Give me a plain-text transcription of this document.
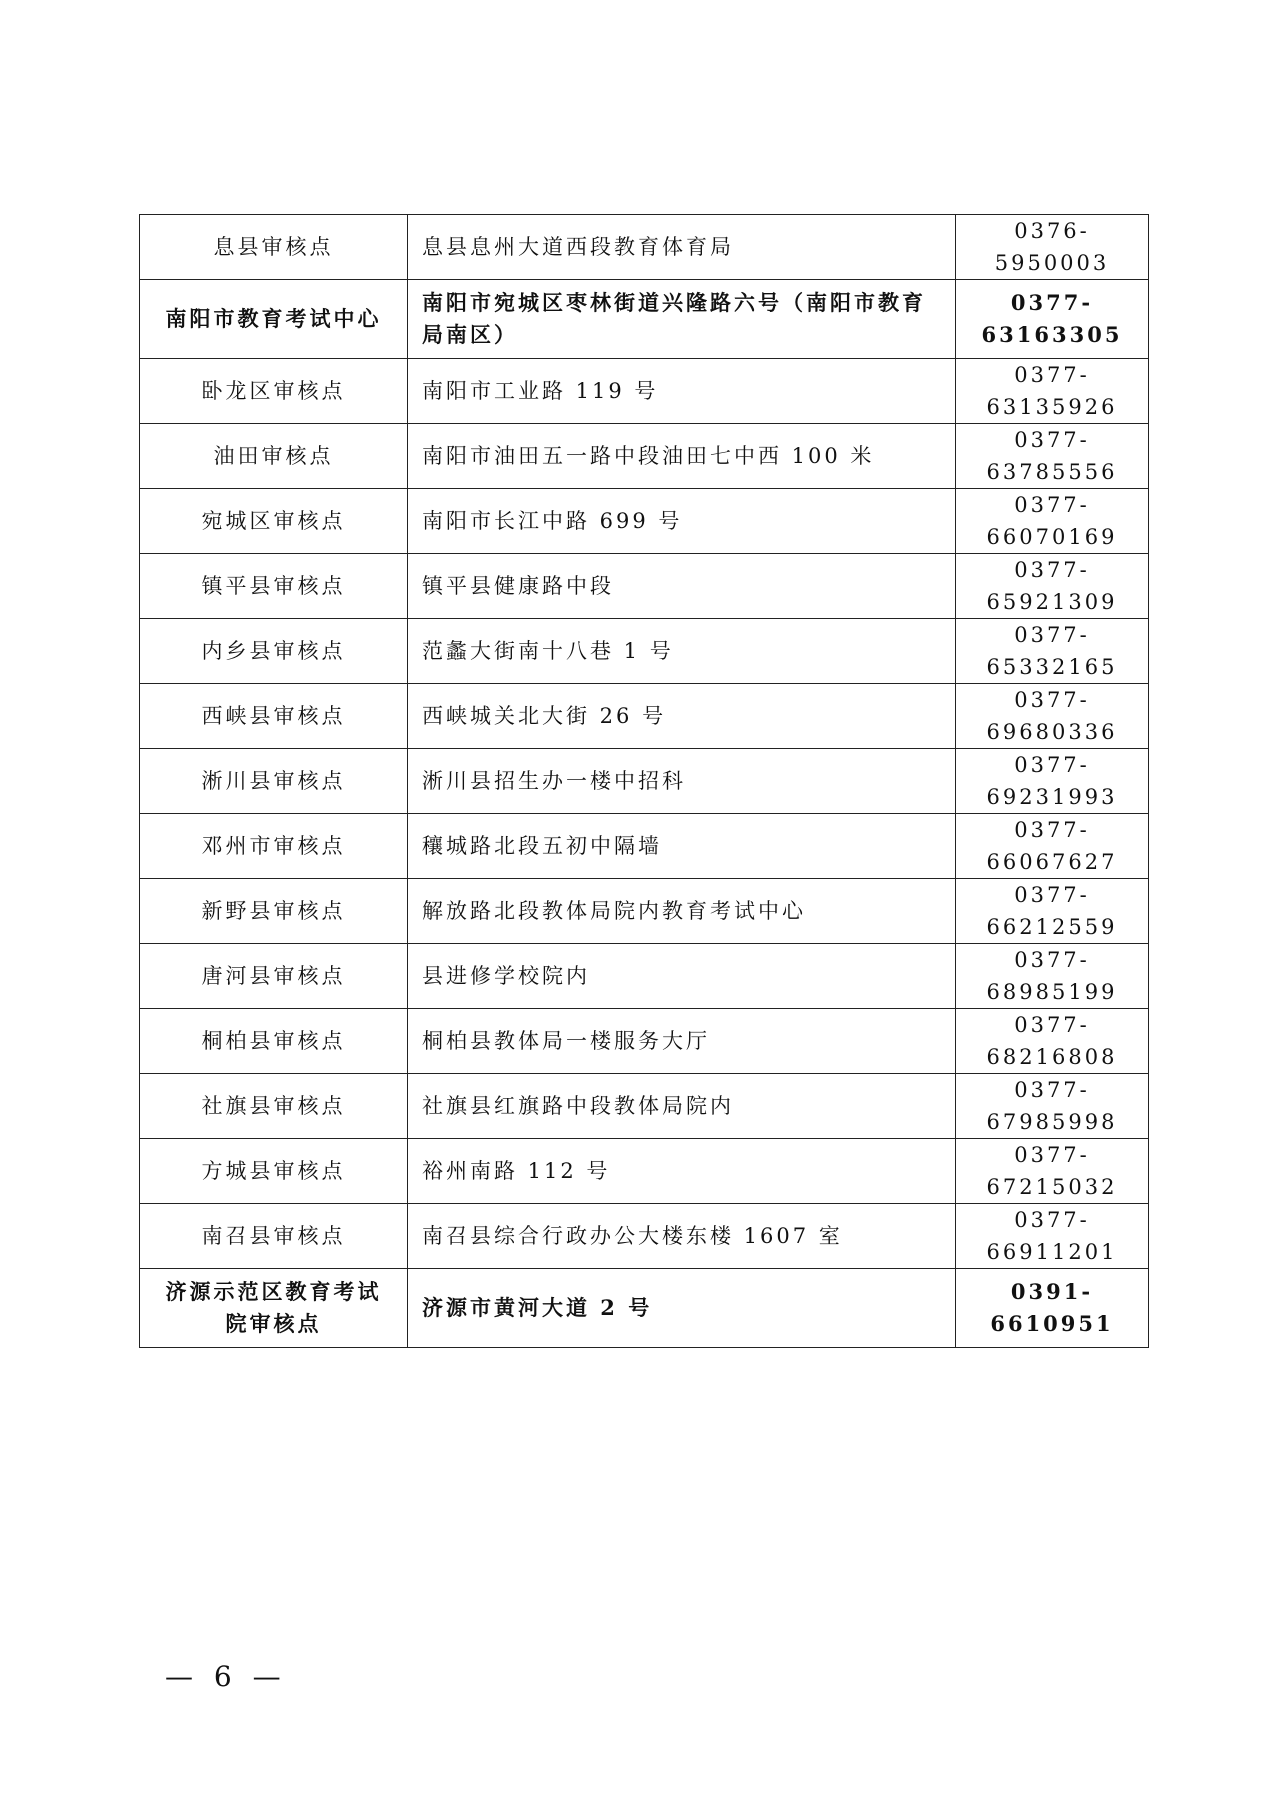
息县审核点	息县息州大道西段教育体育局	0376-5950003
南阳市教育考试中心	南阳市宛城区枣林街道兴隆路六号（南阳市教育局南区）	0377-63163305
卧龙区审核点	南阳市工业路 119 号	0377-63135926
油田审核点	南阳市油田五一路中段油田七中西 100 米	0377-63785556
宛城区审核点	南阳市长江中路 699 号	0377-66070169
镇平县审核点	镇平县健康路中段	0377-65921309
内乡县审核点	范蠡大街南十八巷 1 号	0377-65332165
西峡县审核点	西峡城关北大街 26 号	0377-69680336
淅川县审核点	淅川县招生办一楼中招科	0377-69231993
邓州市审核点	穰城路北段五初中隔墙	0377-66067627
新野县审核点	解放路北段教体局院内教育考试中心	0377-66212559
唐河县审核点	县进修学校院内	0377-68985199
桐柏县审核点	桐柏县教体局一楼服务大厅	0377-68216808
社旗县审核点	社旗县红旗路中段教体局院内	0377-67985998
方城县审核点	裕州南路 112 号	0377-67215032
南召县审核点	南召县综合行政办公大楼东楼 1607 室	0377-66911201
济源示范区教育考试院审核点	济源市黄河大道 2 号	0391-6610951
— 6 —
